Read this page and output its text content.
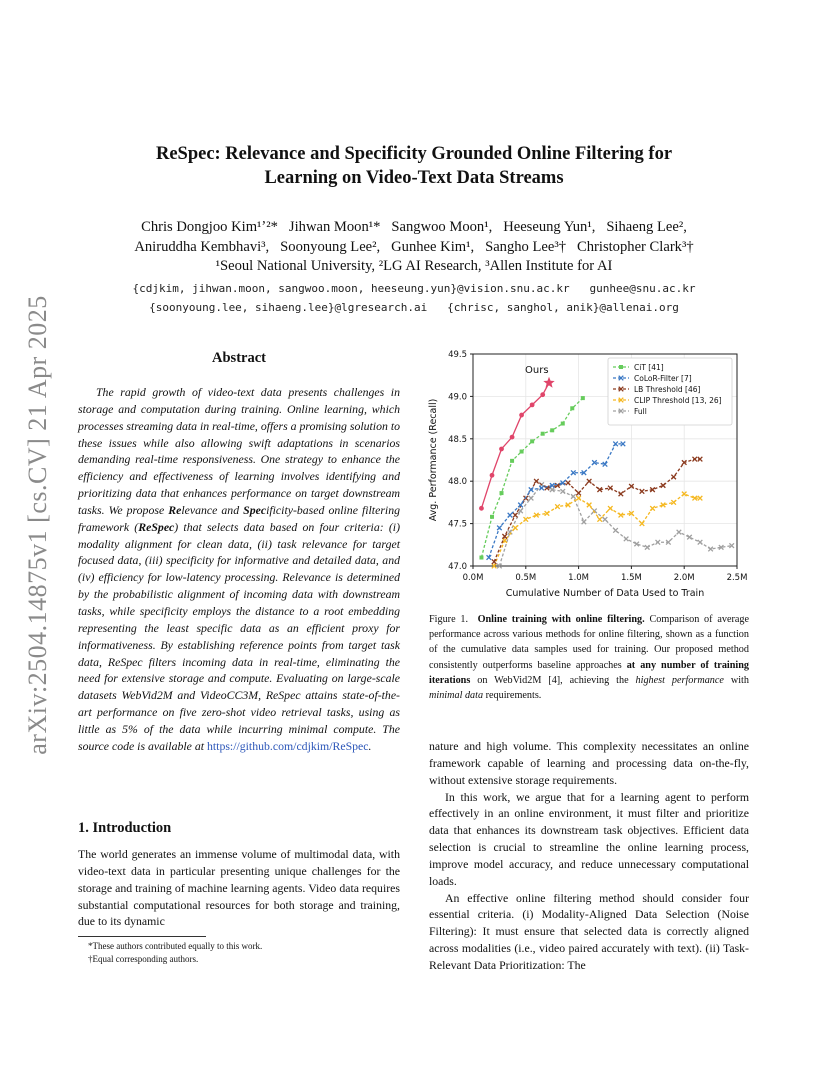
arXiv:2504.14875v1 [cs.CV] 21 Apr 2025
ReSpec: Relevance and Specificity Grounded Online Filtering for
Learning on Video-Text Data Streams
Chris Dongjoo Kim¹ʼ²*   Jihwan Moon¹*   Sangwoo Moon¹,   Heeseung Yun¹,   Sihaeng Lee²,
Aniruddha Kembhavi³,   Soonyoung Lee²,   Gunhee Kim¹,   Sangho Lee³†   Christopher Clark³†
¹Seoul National University, ²LG AI Research, ³Allen Institute for AI
{cdjkim, jihwan.moon, sangwoo.moon, heeseung.yun}@vision.snu.ac.kr   gunhee@snu.ac.kr
{soonyoung.lee, sihaeng.lee}@lgresearch.ai   {chrisc, sanghol, anik}@allenai.org
Abstract

The rapid growth of video-text data presents challenges in storage and computation during training. Online learning, which processes streaming data in real-time, offers a promising solution to these issues while also allowing swift adaptations in scenarios demanding real-time responsiveness. One strategy to enhance the efficiency and effectiveness of learning involves identifying and prioritizing data that enhances performance on target downstream tasks. We propose Relevance and Specificity-based online filtering framework (ReSpec) that selects data based on four criteria: (i) modality alignment for clean data, (ii) task relevance for target focused data, (iii) specificity for informative and detailed data, and (iv) efficiency for low-latency processing. Relevance is determined by the probabilistic alignment of incoming data with downstream tasks, while specificity employs the distance to a root embedding representing the least specific data as an efficient proxy for informativeness. By establishing reference points from target task data, ReSpec filters incoming data in real-time, eliminating the need for extensive storage and compute. Evaluating on large-scale datasets WebVid2M and VideoCC3M, ReSpec attains state-of-the-art performance on five zero-shot video retrieval tasks, using as little as 5% of the data while incurring minimal compute. The source code is available at https://github.com/cdjkim/ReSpec.

1. Introduction

The world generates an immense volume of multimodal data, with video-text data in particular presenting unique challenges for the storage and training of machine learning agents. Video data requires substantial computational resources for both storage and training, due to its dynamic

*These authors contributed equally to this work.
†Equal corresponding authors.
0.0M	0.5M	1.0M	1.5M	2.0M	2.5M
47.0
47.5
48.0
48.5
49.0
49.5
Cumulative Number of Data Used to Train
Avg. Performance (Recall)
Ours	CiT [41]
CoLoR-Filter [7]
LB Threshold [46]
CLIP Threshold [13, 26]
Full
Figure 1. Online training with online filtering. Comparison of average performance across various methods for online filtering, shown as a function of the cumulative data samples used for training. Our proposed method consistently outperforms baseline approaches at any number of training iterations on WebVid2M [4], achieving the highest performance with minimal data requirements.

nature and high volume. This complexity necessitates an online framework capable of learning and processing data on-the-fly, without extensive storage requirements.

In this work, we argue that for a learning agent to perform effectively in an online environment, it must filter and prioritize data that enhances its downstream task objectives. Efficient data selection is crucial to streamline the online learning process, improve model accuracy, and reduce unnecessary computational loads.

An effective online filtering method should consider four essential criteria. (i) Modality-Aligned Data Selection (Noise Filtering): It must ensure that selected data is correctly aligned across modalities (i.e., video paired accurately with text). (ii) Task-Relevant Data Prioritization: The
